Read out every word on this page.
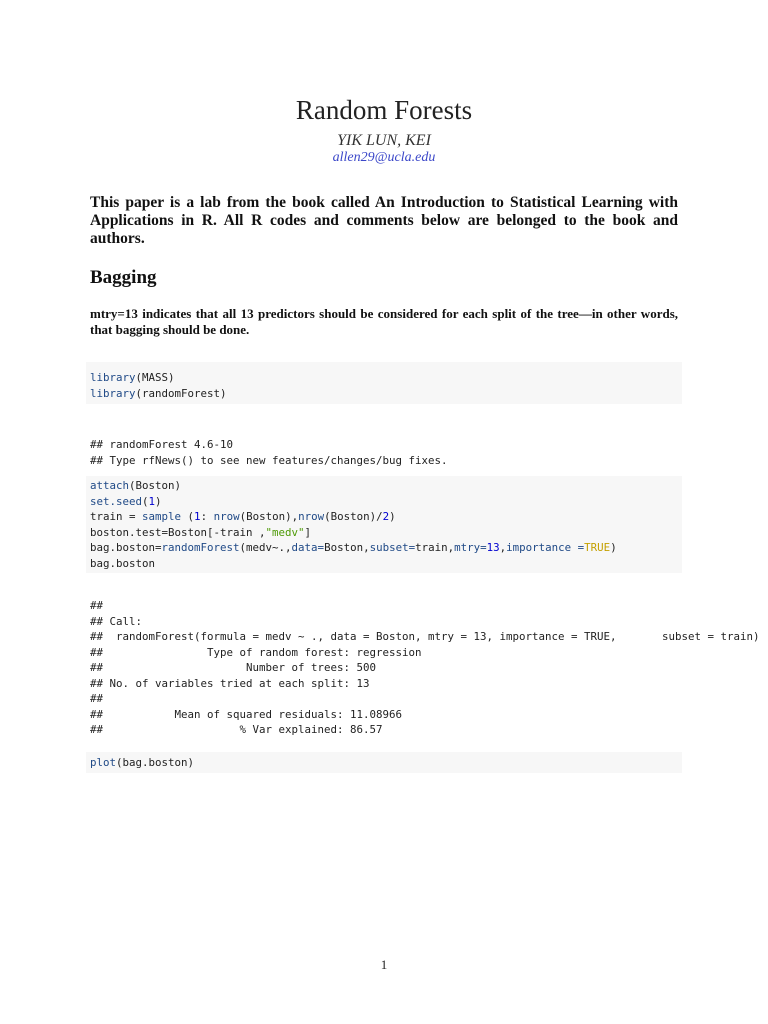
Random Forests
YIK LUN, KEI
allen29@ucla.edu

This paper is a lab from the book called An Introduction to Statistical Learning with Applications in R. All R codes and comments below are belonged to the book and authors.

Bagging

mtry=13 indicates that all 13 predictors should be considered for each split of the tree—in other words, that bagging should be done.

library(MASS)
library(randomForest)
## randomForest 4.6-10
## Type rfNews() to see new features/changes/bug fixes.
attach(Boston)
set.seed(1)
train = sample (1: nrow(Boston),nrow(Boston)/2)
boston.test=Boston[-train ,"medv"]
bag.boston=randomForest(medv~.,data=Boston,subset=train,mtry=13,importance =TRUE)
bag.boston
##
## Call:
##  randomForest(formula = medv ~ ., data = Boston, mtry = 13, importance = TRUE,       subset = train)
##                Type of random forest: regression
##                      Number of trees: 500
## No. of variables tried at each split: 13
##
##           Mean of squared residuals: 11.08966
##                     % Var explained: 86.57
plot(bag.boston)
1
